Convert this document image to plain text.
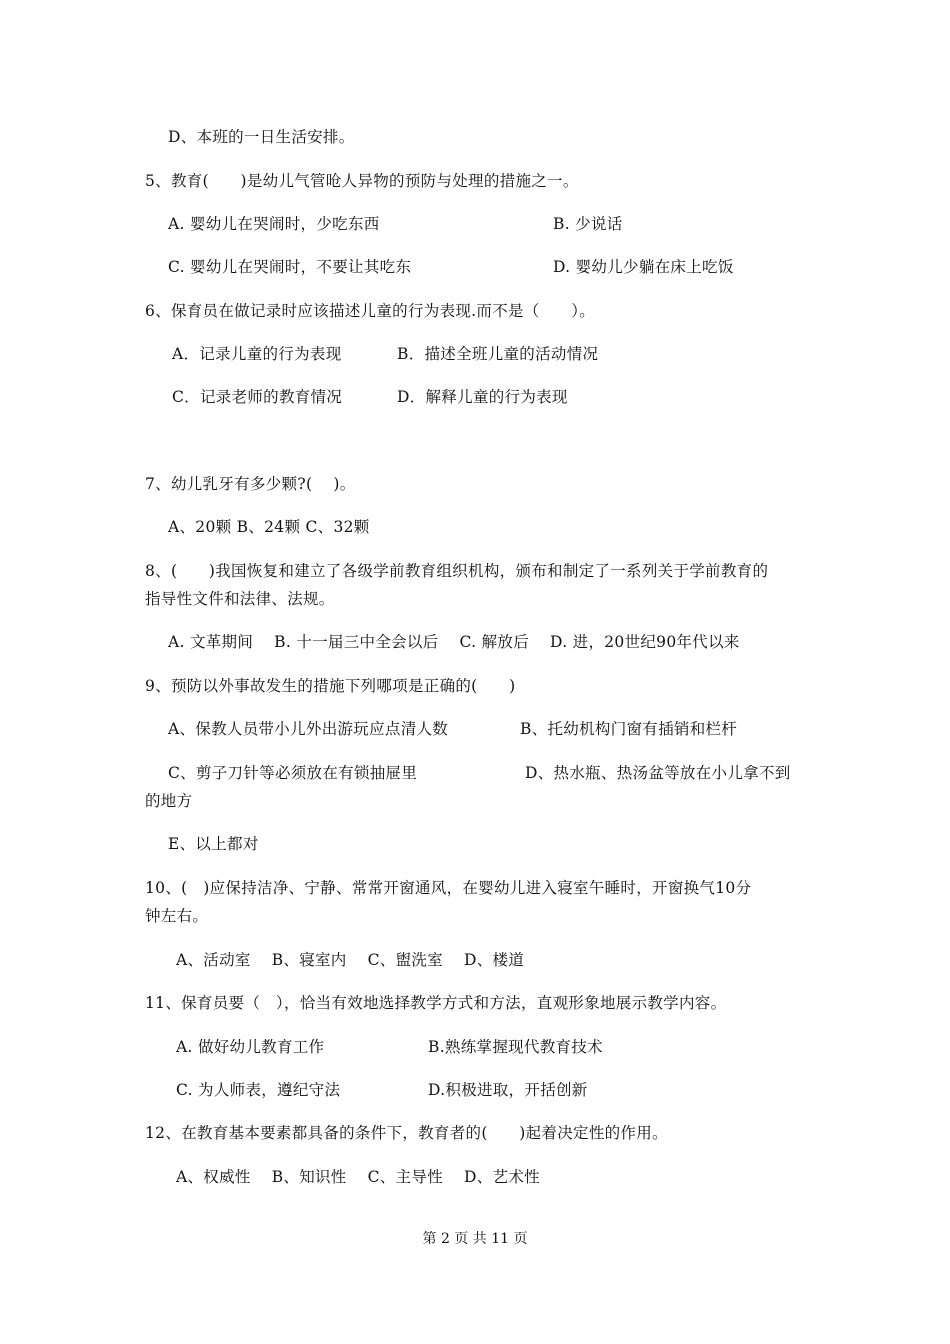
D、本班的一日生活安排。
5、教育(　　)是幼儿气管呛人异物的预防与处理的措施之一。
A. 婴幼儿在哭闹时，少吃东西	B. 少说话
C. 婴幼儿在哭闹时，不要让其吃东	D. 婴幼儿少躺在床上吃饭
6、保育员在做记录时应该描述儿童的行为表现.而不是（　　）。
A．记录儿童的行为表现	B．描述全班儿童的活动情况
C．记录老师的教育情况	D．解释儿童的行为表现
7、幼儿乳牙有多少颗?(　 )。
A、20颗 B、24颗 C、32颗
8、(　　)我国恢复和建立了各级学前教育组织机构，颁布和制定了一系列关于学前教育的
指导性文件和法律、法规。
A. 文革期间　 B. 十一届三中全会以后　 C. 解放后　 D. 进，20世纪90年代以来
9、预防以外事故发生的措施下列哪项是正确的(　　)
A、保教人员带小儿外出游玩应点清人数	B、托幼机构门窗有插销和栏杆
C、剪子刀针等必须放在有锁抽屉里	D、热水瓶、热汤盆等放在小儿拿不到
的地方
E、以上都对
10、(　)应保持洁净、宁静、常常开窗通风，在婴幼儿进入寝室午睡时，开窗换气10分
钟左右。
A、活动室　 B、寝室内　 C、盥洗室　 D、楼道
11、保育员要（　），恰当有效地选择教学方式和方法，直观形象地展示教学内容。
A. 做好幼儿教育工作	B.熟练掌握现代教育技术
C. 为人师表，遵纪守法	D.积极进取，开括创新
12、在教育基本要素都具备的条件下，教育者的(　　)起着决定性的作用。
A、权威性　 B、知识性　 C、主导性　 D、艺术性
第 2 页 共 11 页
